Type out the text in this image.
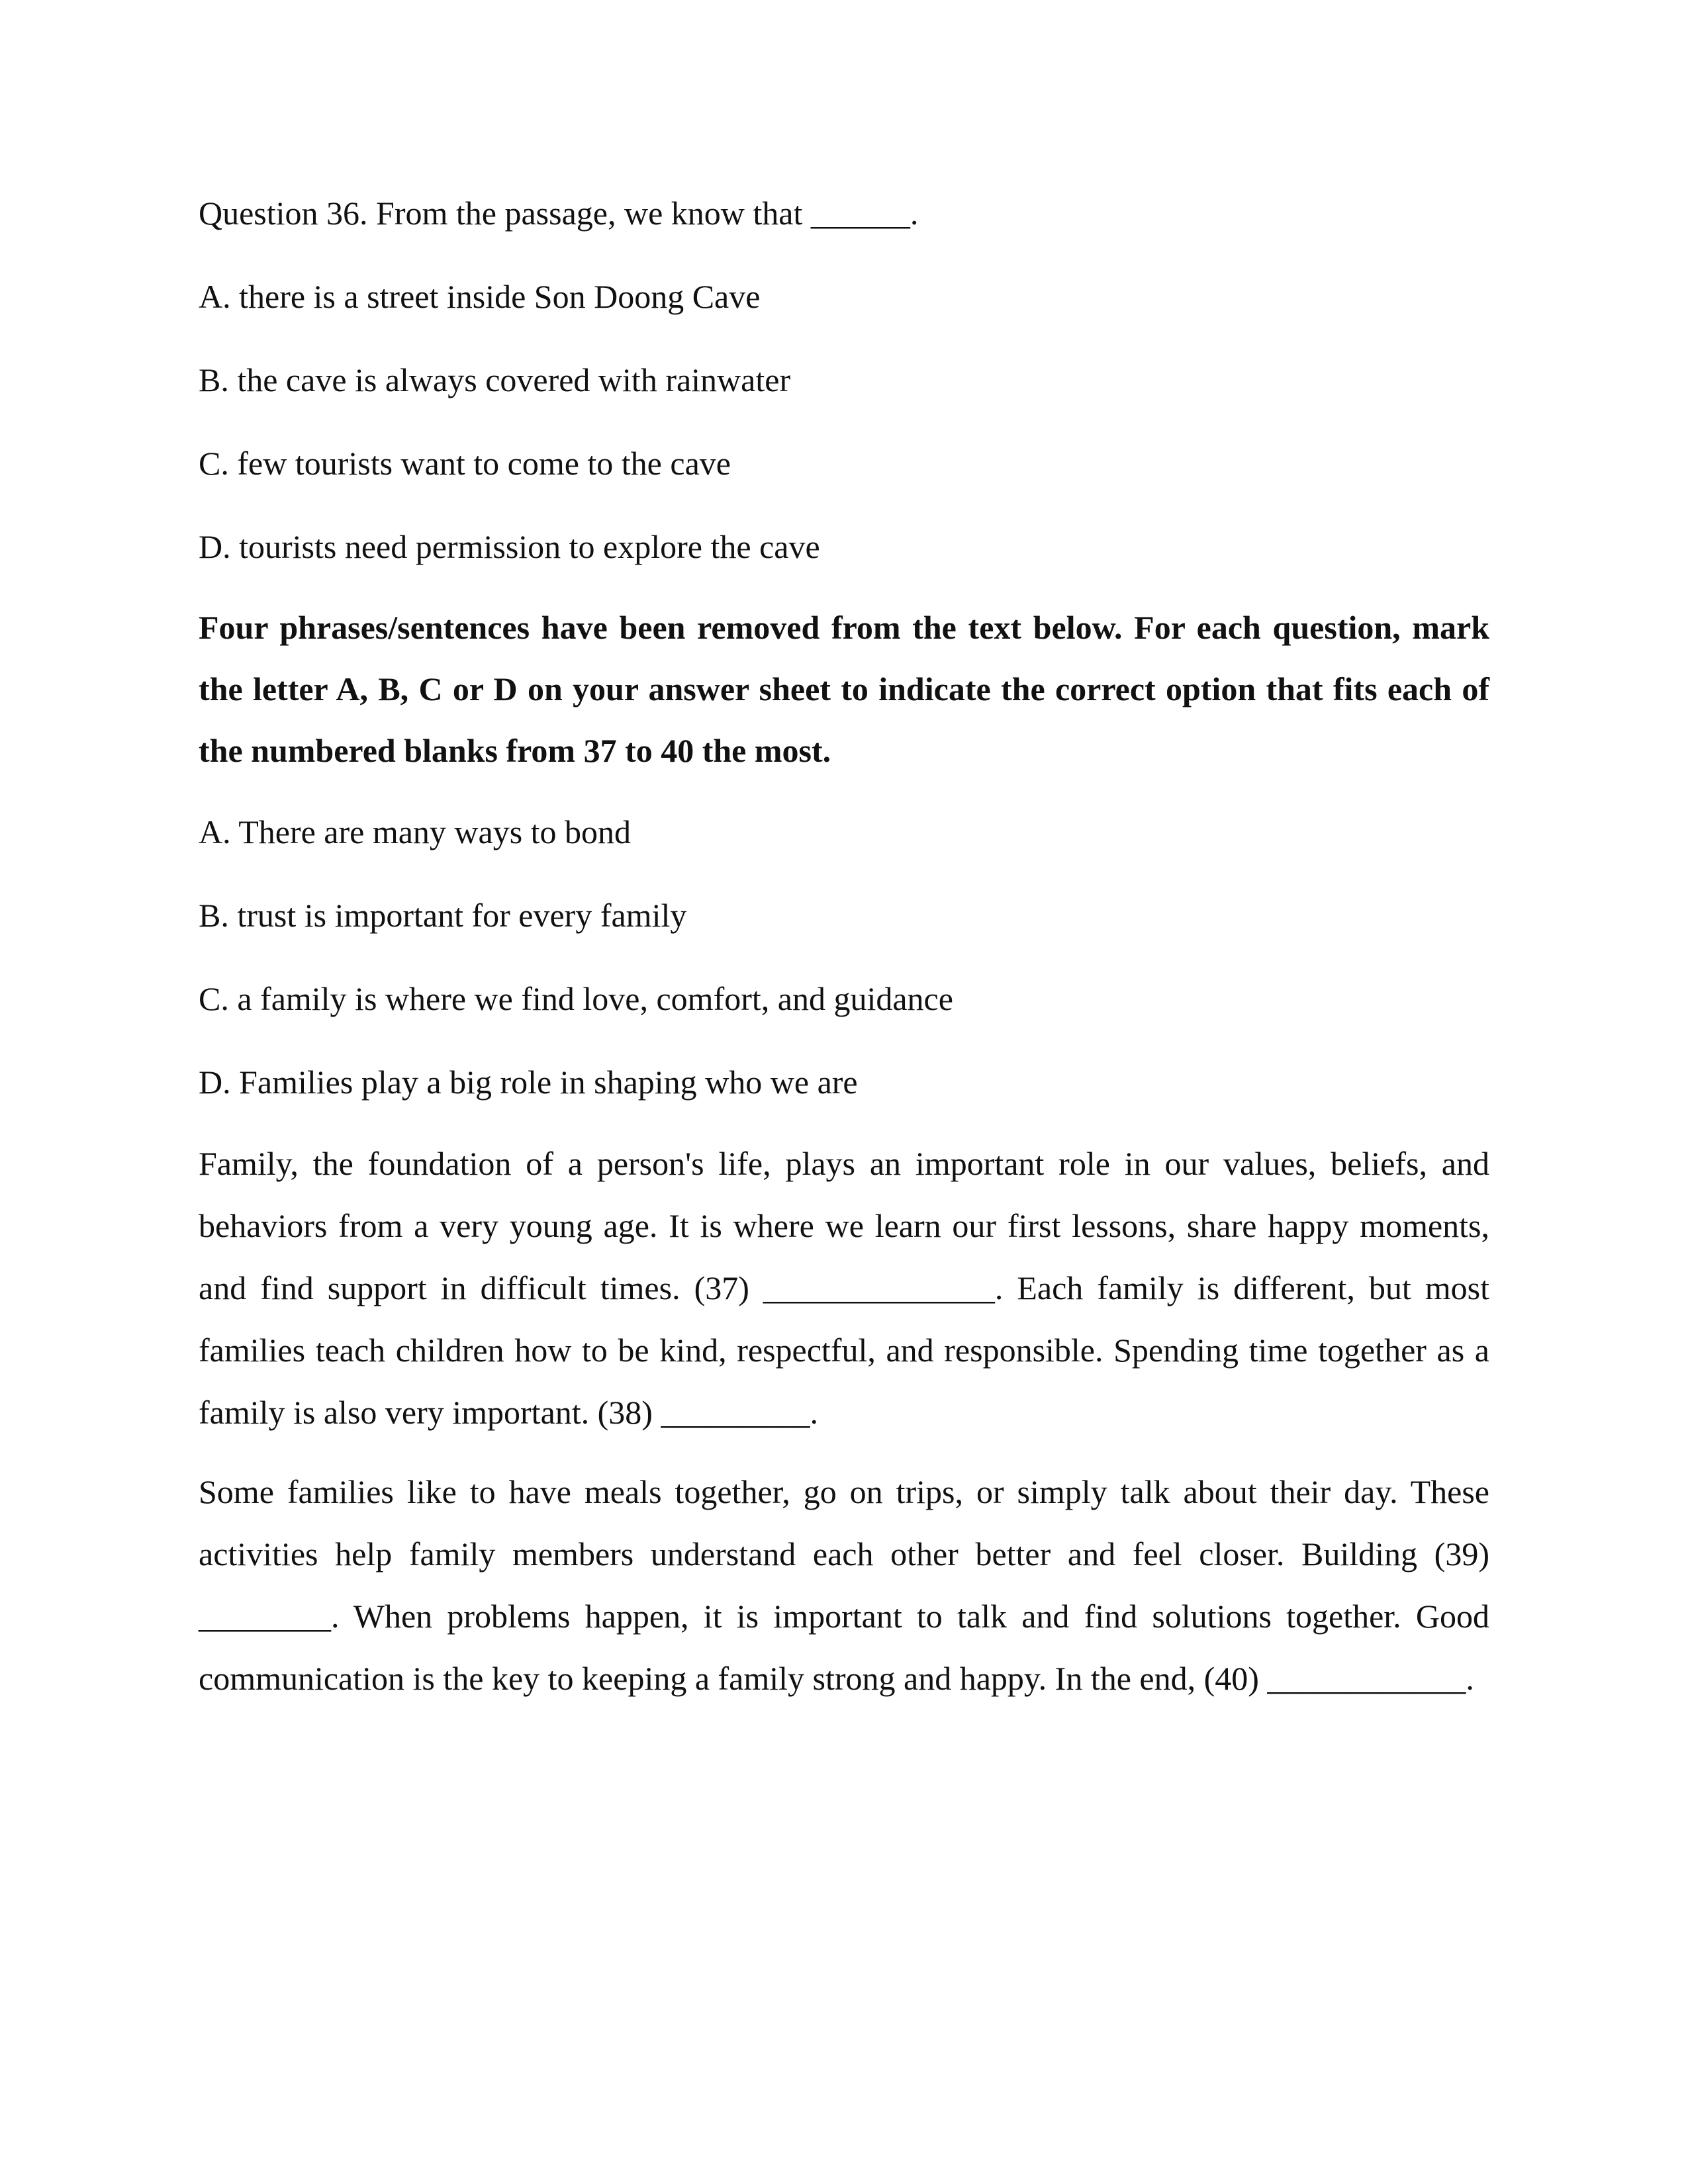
Question 36. From the passage, we know that ______.
A. there is a street inside Son Doong Cave
B. the cave is always covered with rainwater
C. few tourists want to come to the cave
D. tourists need permission to explore the cave
Four phrases/sentences have been removed from the text below. For each question, mark the letter A, B, C or D on your answer sheet to indicate the correct option that fits each of the numbered blanks from 37 to 40 the most.
A. There are many ways to bond
B. trust is important for every family
C. a family is where we find love, comfort, and guidance
D. Families play a big role in shaping who we are
Family, the foundation of a person's life, plays an important role in our values, beliefs, and behaviors from a very young age. It is where we learn our first lessons, share happy moments, and find support in difficult times. (37) ______________. Each family is different, but most families teach children how to be kind, respectful, and responsible. Spending time together as a family is also very important. (38) _________.
Some families like to have meals together, go on trips, or simply talk about their day. These activities help family members understand each other better and feel closer. Building (39) ________. When problems happen, it is important to talk and find solutions together. Good communication is the key to keeping a family strong and happy. In the end, (40) ____________.
